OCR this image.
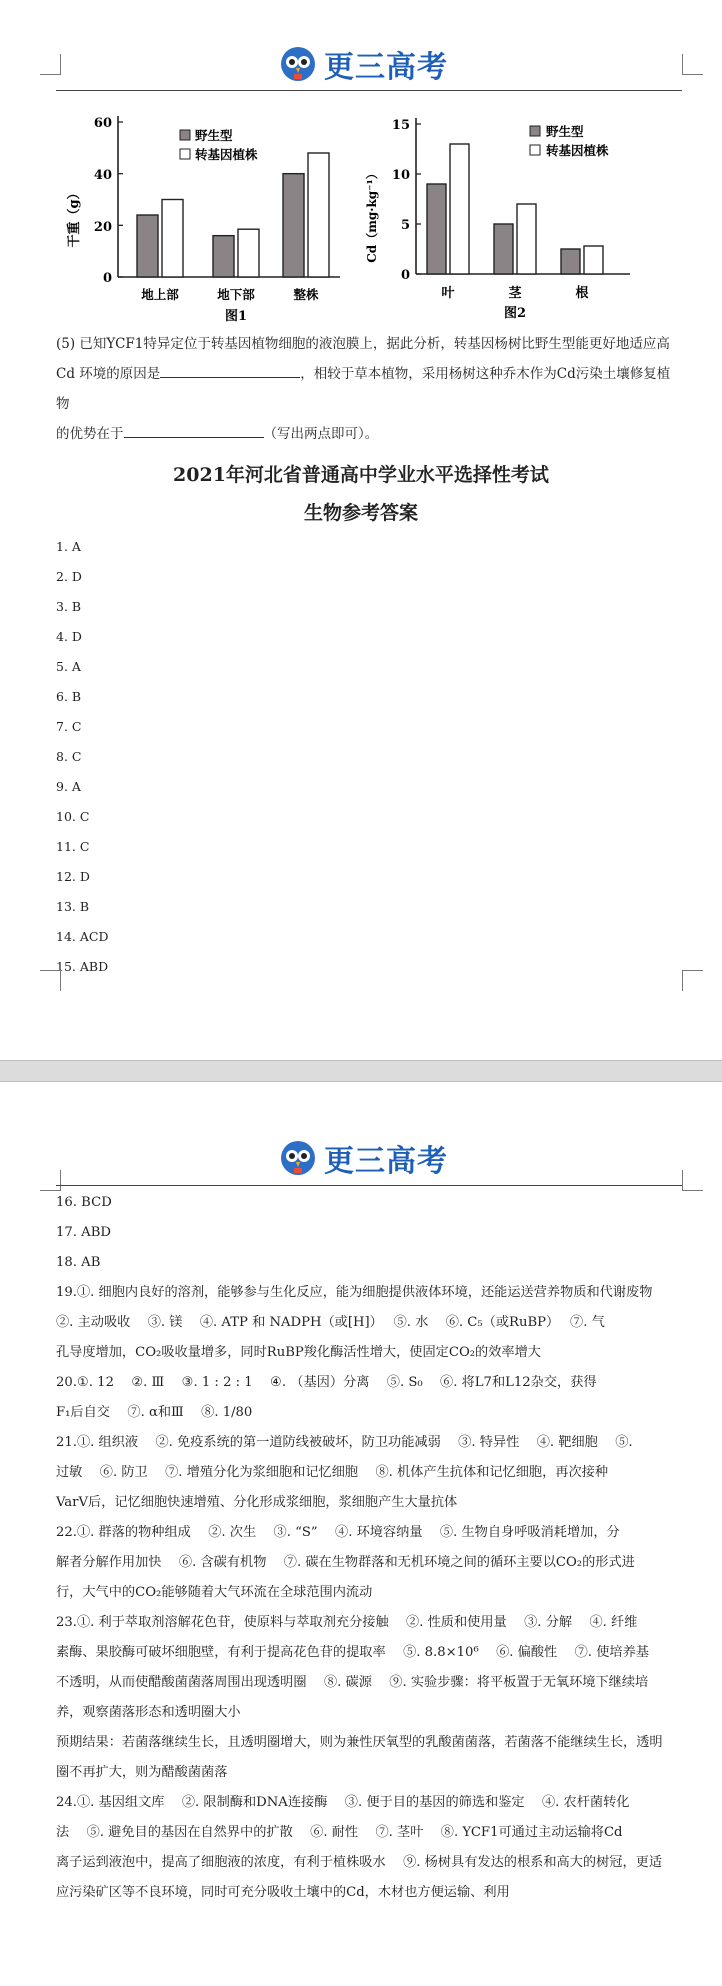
更三高考
干重（g）
60
40
20
0
野生型
转基因植株
地上部	地下部	整株
图1
Cd（mg·kg⁻¹）
15
10
5
0
野生型
转基因植株
叶	茎	根
图2
(5) 已知YCF1特异定位于转基因植物细胞的液泡膜上，据此分析，转基因杨树比野生型能更好地适应高
Cd 环境的原因是	，相较于草本植物，采用杨树这种乔木作为Cd污染土壤修复植物
的优势在于	（写出两点即可）。
2021年河北省普通高中学业水平选择性考试
生物参考答案
1. A
2. D
3. B
4. D
5. A
6. B
7. C
8. C
9. A
10. C
11. C
12. D
13. B
14. ACD
15. ABD
更三高考
16. BCD
17. ABD
18. AB
19.①. 细胞内良好的溶剂，能够参与生化反应，能为细胞提供液体环境，还能运送营养物质和代谢废物
②. 主动吸收　 ③. 镁　 ④. ATP 和 NADPH（或[H]）　 ⑤. 水　 ⑥. C₅（或RuBP）　 ⑦. 气
孔导度增加，CO₂吸收量增多，同时RuBP羧化酶活性增大，使固定CO₂的效率增大
20.①. 12　 ②. Ⅲ　 ③. 1 : 2 : 1　 ④. （基因）分离　 ⑤. S₀　 ⑥. 将L7和L12杂交，获得
F₁后自交　 ⑦. α和Ⅲ　 ⑧. 1/80
21.①. 组织液　 ②. 免疫系统的第一道防线被破坏，防卫功能减弱　 ③. 特异性　 ④. 靶细胞　 ⑤.
过敏　 ⑥. 防卫　 ⑦. 增殖分化为浆细胞和记忆细胞　 ⑧. 机体产生抗体和记忆细胞，再次接种
VarV后，记忆细胞快速增殖、分化形成浆细胞，浆细胞产生大量抗体
22.①. 群落的物种组成　 ②. 次生　 ③. “S”　 ④. 环境容纳量　 ⑤. 生物自身呼吸消耗增加，分
解者分解作用加快　 ⑥. 含碳有机物　 ⑦. 碳在生物群落和无机环境之间的循环主要以CO₂的形式进
行，大气中的CO₂能够随着大气环流在全球范围内流动
23.①. 利于萃取剂溶解花色苷，使原料与萃取剂充分接触　 ②. 性质和使用量　 ③. 分解　 ④. 纤维
素酶、果胶酶可破坏细胞壁，有利于提高花色苷的提取率　 ⑤. 8.8×10⁶　 ⑥. 偏酸性　 ⑦. 使培养基
不透明，从而使醋酸菌菌落周围出现透明圈　 ⑧. 碳源　 ⑨. 实验步骤：将平板置于无氧环境下继续培
养，观察菌落形态和透明圈大小
预期结果：若菌落继续生长，且透明圈增大，则为兼性厌氧型的乳酸菌菌落，若菌落不能继续生长，透明
圈不再扩大，则为醋酸菌菌落
24.①. 基因组文库　 ②. 限制酶和DNA连接酶　 ③. 便于目的基因的筛选和鉴定　 ④. 农杆菌转化
法　 ⑤. 避免目的基因在自然界中的扩散　 ⑥. 耐性　 ⑦. 茎叶　 ⑧. YCF1可通过主动运输将Cd
离子运到液泡中，提高了细胞液的浓度，有利于植株吸水　 ⑨. 杨树具有发达的根系和高大的树冠，更适
应污染矿区等不良环境，同时可充分吸收土壤中的Cd，木材也方便运输、利用
